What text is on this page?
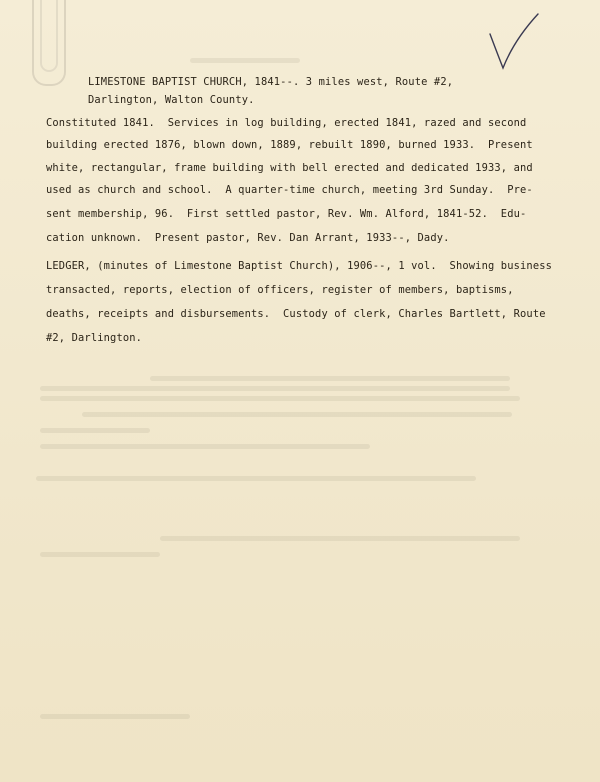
LIMESTONE BAPTIST CHURCH, 1841--. 3 miles west, Route #2,
Darlington, Walton County.
Constituted 1841.  Services in log building, erected 1841, razed and second
building erected 1876, blown down, 1889, rebuilt 1890, burned 1933.  Present
white, rectangular, frame building with bell erected and dedicated 1933, and
used as church and school.  A quarter-time church, meeting 3rd Sunday.  Pre-
sent membership, 96.  First settled pastor, Rev. Wm. Alford, 1841-52.  Edu-
cation unknown.  Present pastor, Rev. Dan Arrant, 1933--, Dady.
LEDGER, (minutes of Limestone Baptist Church), 1906--, 1 vol.  Showing business
transacted, reports, election of officers, register of members, baptisms,
deaths, receipts and disbursements.  Custody of clerk, Charles Bartlett, Route
#2, Darlington.
